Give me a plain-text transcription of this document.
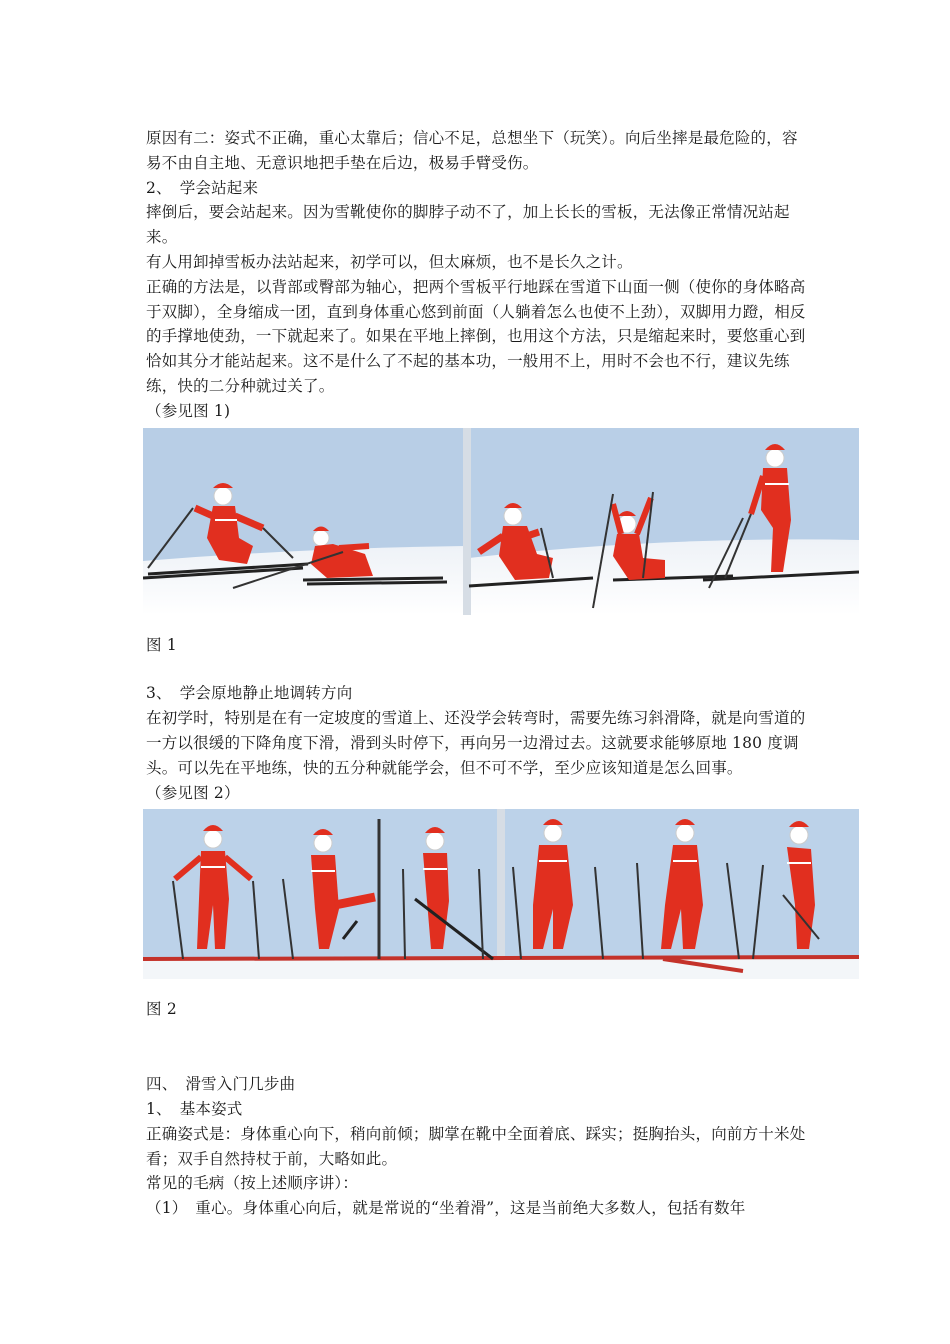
原因有二：姿式不正确，重心太靠后；信心不足，总想坐下（玩笑）。向后坐摔是最危险的，容易不由自主地、无意识地把手垫在后边，极易手臂受伤。

2、　学会站起来

摔倒后，要会站起来。因为雪靴使你的脚脖子动不了，加上长长的雪板，无法像正常情况站起来。

有人用卸掉雪板办法站起来，初学可以，但太麻烦，也不是长久之计。

正确的方法是，以背部或臀部为轴心，把两个雪板平行地踩在雪道下山面一侧（使你的身体略高于双脚），全身缩成一团，直到身体重心悠到前面（人躺着怎么也使不上劲），双脚用力蹬，相反的手撑地使劲，一下就起来了。如果在平地上摔倒，也用这个方法，只是缩起来时，要悠重心到恰如其分才能站起来。这不是什么了不起的基本功，一般用不上，用时不会也不行，建议先练练，快的二分种就过关了。

（参见图 1)

图 1

3、　学会原地静止地调转方向

在初学时，特别是在有一定坡度的雪道上、还没学会转弯时，需要先练习斜滑降，就是向雪道的一方以很缓的下降角度下滑，滑到头时停下，再向另一边滑过去。这就要求能够原地 180 度调头。可以先在平地练，快的五分种就能学会，但不可不学，至少应该知道是怎么回事。

（参见图 2）

图 2

四、　滑雪入门几步曲

1、　基本姿式

正确姿式是：身体重心向下，稍向前倾；脚掌在靴中全面着底、踩实；挺胸抬头，向前方十米处看；双手自然持杖于前，大略如此。

常见的毛病（按上述顺序讲）：

（1）　重心。身体重心向后，就是常说的“坐着滑”，这是当前绝大多数人，包括有数年
